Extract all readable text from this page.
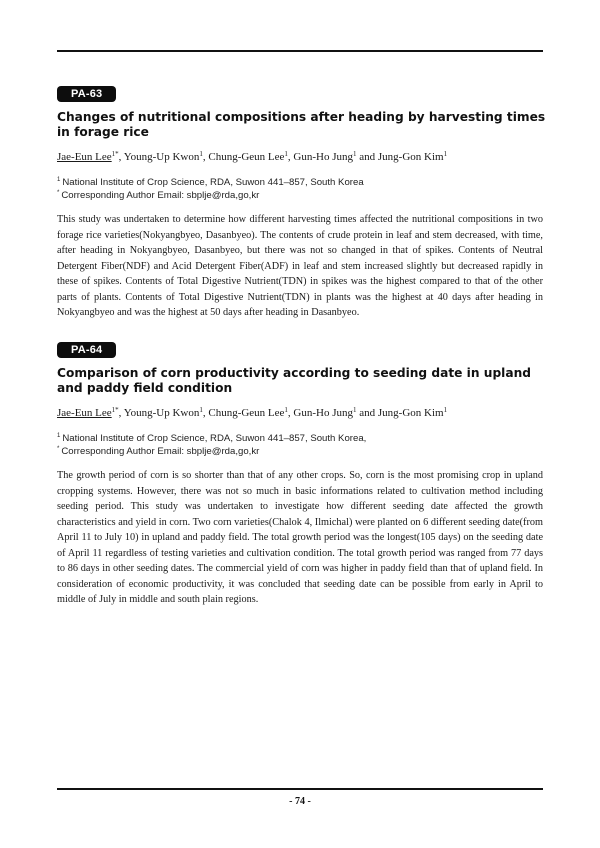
PA-63
Changes of nutritional compositions after heading by harvesting times in forage rice
Jae-Eun Lee$^{1*}$, Young-Up Kwon$^1$, Chung-Geun Lee$^1$, Gun-Ho Jung$^1$ and Jung-Gon Kim$^1$
$^1$ National Institute of Crop Science, RDA, Suwon 441–857, South Korea
* Corresponding Author Email: sbplje@rda,go,kr

This study was undertaken to determine how different harvesting times affected the nutritional compositions in two forage rice varieties(Nokyangbyeo, Dasanbyeo). The contents of crude protein in leaf and stem decreased, with time, after heading in Nokyangbyeo, Dasanbyeo, but there was not so changed in that of spikes. Contents of Neutral Detergent Fiber(NDF) and Acid Detergent Fiber(ADF) in leaf and stem increased slightly but decreased rapidly in these of spikes. Contents of Total Digestive Nutrient(TDN) in spikes was the highest compared to that of the other parts of plants. Contents of Total Digestive Nutrient(TDN) in plants was the highest at 40 days after heading in Nokyangbyeo and was the highest at 50 days after heading in Dasanbyeo.

PA-64
Comparison of corn productivity according to seeding date in upland and paddy field condition
Jae-Eun Lee$^{1*}$, Young-Up Kwon$^1$, Chung-Geun Lee$^1$, Gun-Ho Jung$^1$ and Jung-Gon Kim$^1$
$^1$ National Institute of Crop Science, RDA, Suwon 441–857, South Korea,
* Corresponding Author Email: sbplje@rda,go,kr

The growth period of corn is so shorter than that of any other crops. So, corn is the most promising crop in upland cropping systems. However, there was not so much in basic informations related to cultivation method including seeding period. This study was undertaken to investigate how different seeding date affected the growth characteristics and yield in corn. Two corn varieties(Chalok 4, Ilmichal) were planted on 6 different seeding date(from April 11 to July 10) in upland and paddy field. The total growth period was the longest(105 days) on the seeding date of April 11 regardless of testing varieties and cultivation condition. The total growth period was ranged from 77 days to 86 days in other seeding dates. The commercial yield of corn was higher in paddy field than that of upland field. In consideration of economic productivity, it was concluded that seeding date can be possible from early in April to middle of July in middle and south plain regions.

- 74 -
